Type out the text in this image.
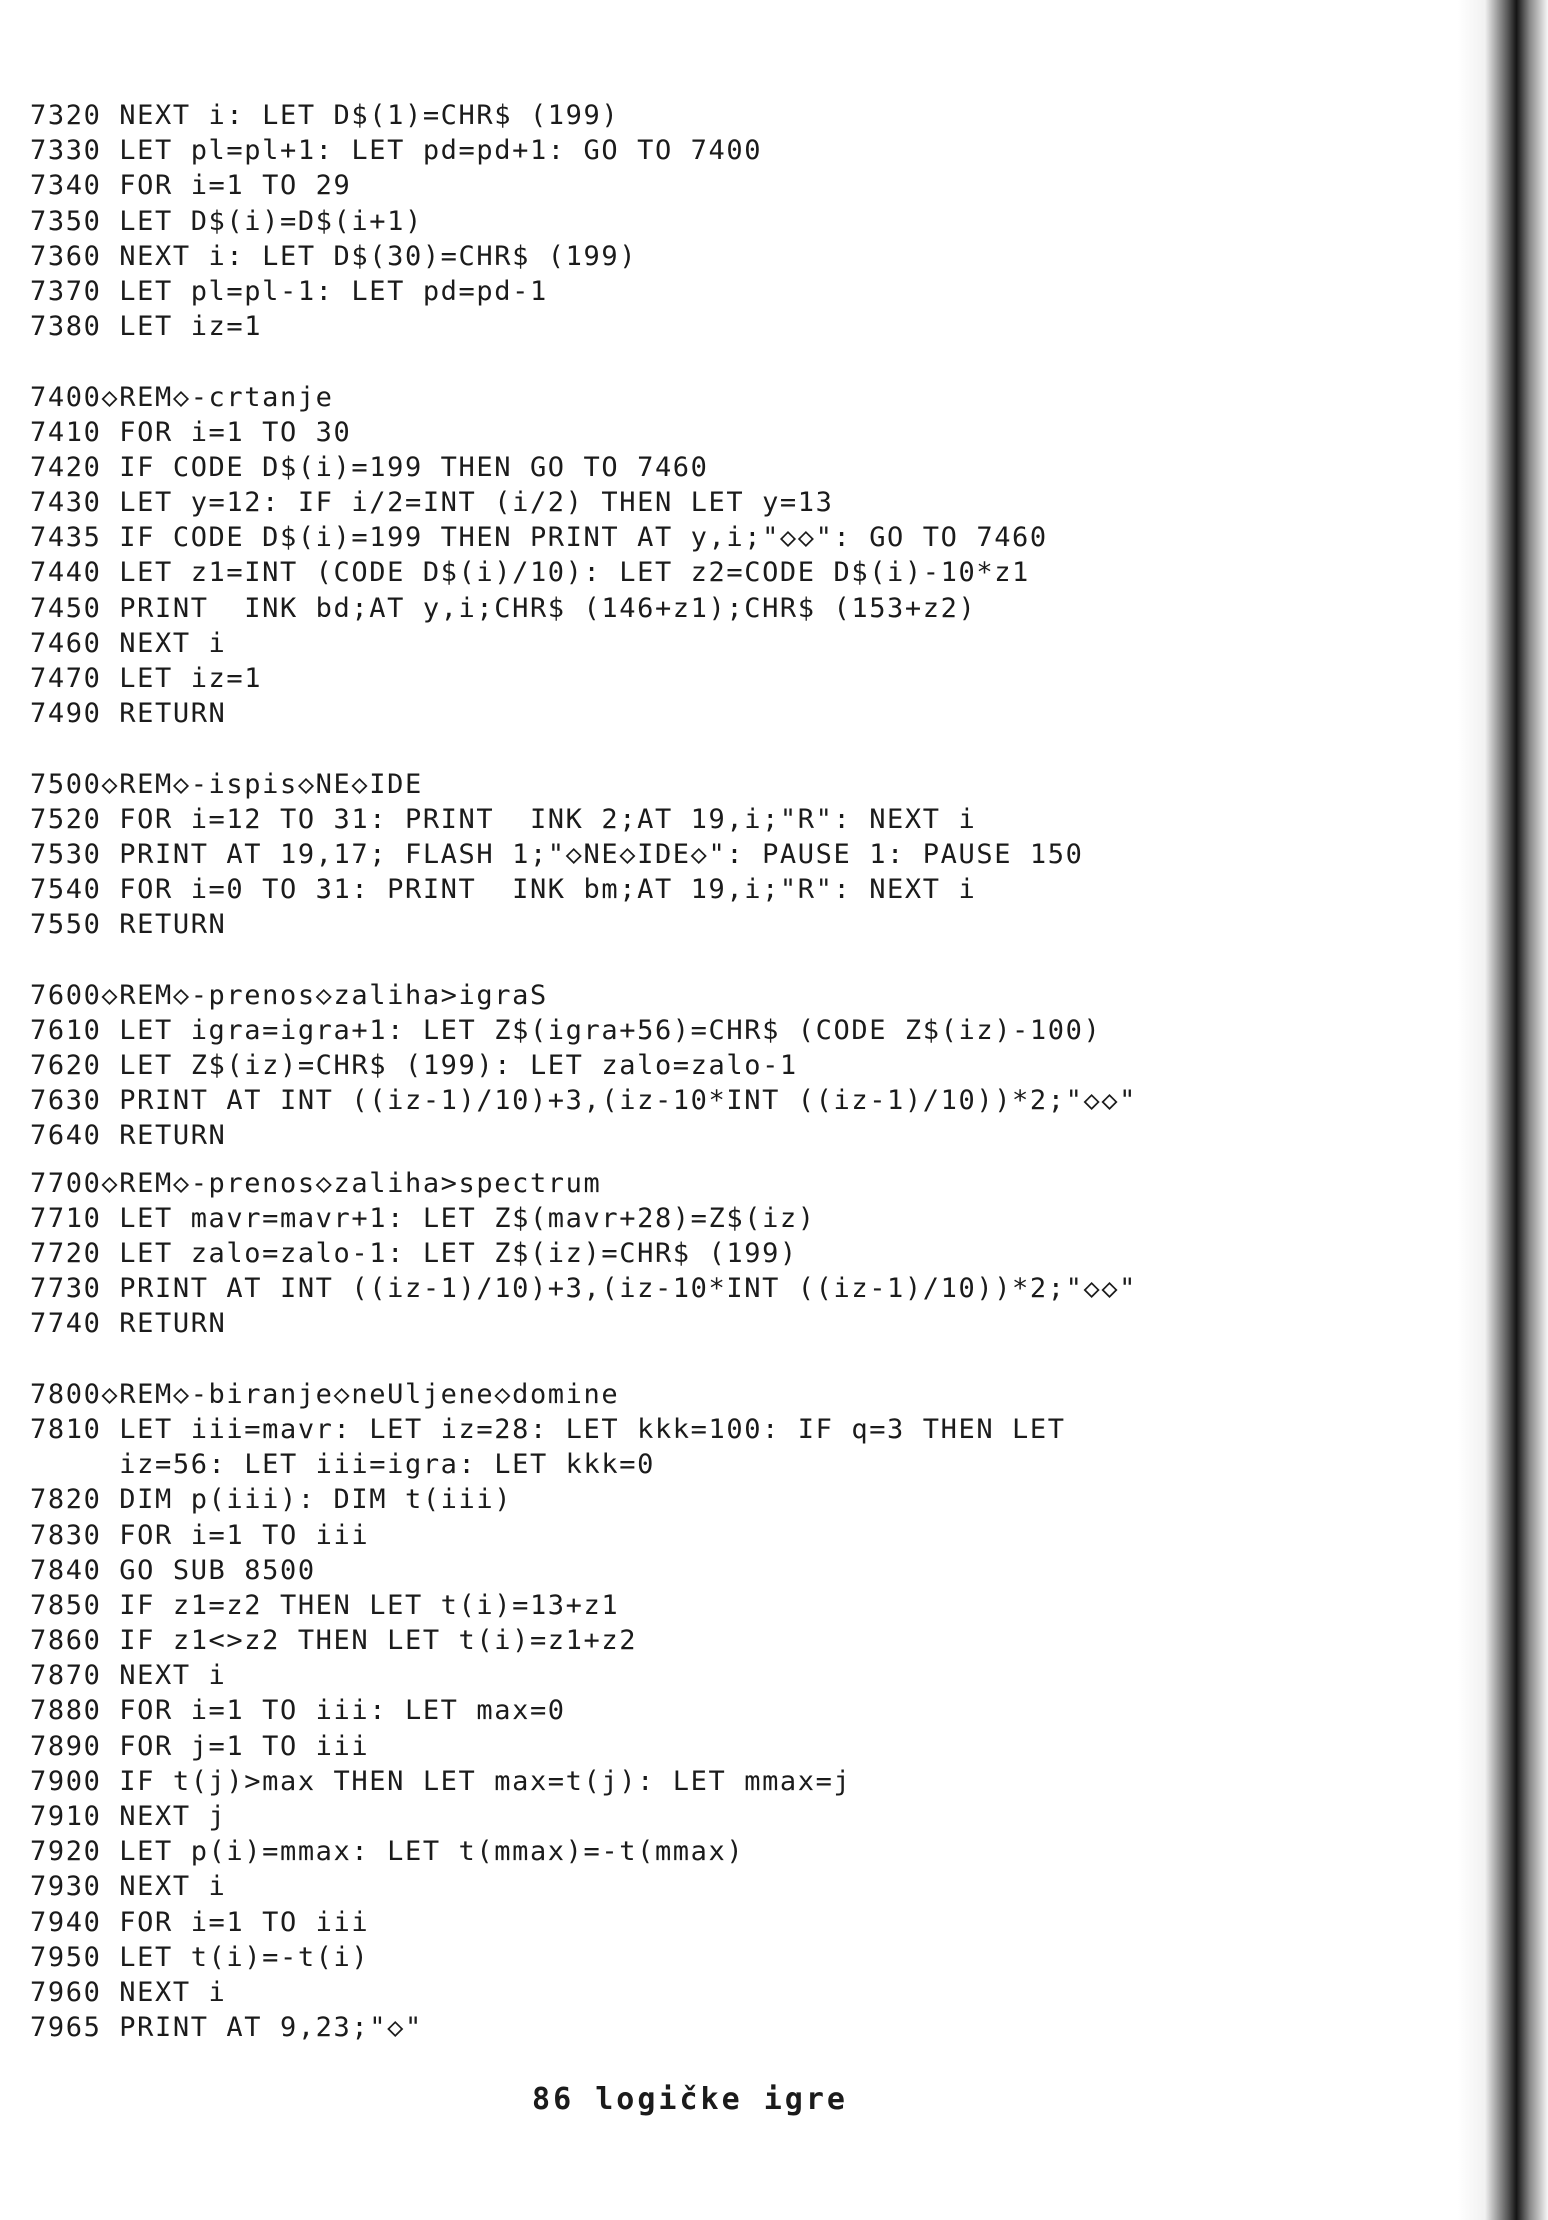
7320 NEXT i: LET D$(1)=CHR$ (199)
7330 LET pl=pl+1: LET pd=pd+1: GO TO 7400
7340 FOR i=1 TO 29
7350 LET D$(i)=D$(i+1)
7360 NEXT i: LET D$(30)=CHR$ (199)
7370 LET pl=pl-1: LET pd=pd-1
7380 LET iz=1
7400◇REM◇-crtanje
7410 FOR i=1 TO 30
7420 IF CODE D$(i)=199 THEN GO TO 7460
7430 LET y=12: IF i/2=INT (i/2) THEN LET y=13
7435 IF CODE D$(i)=199 THEN PRINT AT y,i;"◇◇": GO TO 7460
7440 LET z1=INT (CODE D$(i)/10): LET z2=CODE D$(i)-10*z1
7450 PRINT  INK bd;AT y,i;CHR$ (146+z1);CHR$ (153+z2)
7460 NEXT i
7470 LET iz=1
7490 RETURN
7500◇REM◇-ispis◇NE◇IDE
7520 FOR i=12 TO 31: PRINT  INK 2;AT 19,i;"R": NEXT i
7530 PRINT AT 19,17; FLASH 1;"◇NE◇IDE◇": PAUSE 1: PAUSE 150
7540 FOR i=0 TO 31: PRINT  INK bm;AT 19,i;"R": NEXT i
7550 RETURN
7600◇REM◇-prenos◇zaliha>igraS
7610 LET igra=igra+1: LET Z$(igra+56)=CHR$ (CODE Z$(iz)-100)
7620 LET Z$(iz)=CHR$ (199): LET zalo=zalo-1
7630 PRINT AT INT ((iz-1)/10)+3,(iz-10*INT ((iz-1)/10))*2;"◇◇"
7640 RETURN
7700◇REM◇-prenos◇zaliha>spectrum
7710 LET mavr=mavr+1: LET Z$(mavr+28)=Z$(iz)
7720 LET zalo=zalo-1: LET Z$(iz)=CHR$ (199)
7730 PRINT AT INT ((iz-1)/10)+3,(iz-10*INT ((iz-1)/10))*2;"◇◇"
7740 RETURN
7800◇REM◇-biranje◇neUljene◇domine
7810 LET iii=mavr: LET iz=28: LET kkk=100: IF q=3 THEN LET
iz=56: LET iii=igra: LET kkk=0
7820 DIM p(iii): DIM t(iii)
7830 FOR i=1 TO iii
7840 GO SUB 8500
7850 IF z1=z2 THEN LET t(i)=13+z1
7860 IF z1<>z2 THEN LET t(i)=z1+z2
7870 NEXT i
7880 FOR i=1 TO iii: LET max=0
7890 FOR j=1 TO iii
7900 IF t(j)>max THEN LET max=t(j): LET mmax=j
7910 NEXT j
7920 LET p(i)=mmax: LET t(mmax)=-t(mmax)
7930 NEXT i
7940 FOR i=1 TO iii
7950 LET t(i)=-t(i)
7960 NEXT i
7965 PRINT AT 9,23;"◇"
86 logičke igre
